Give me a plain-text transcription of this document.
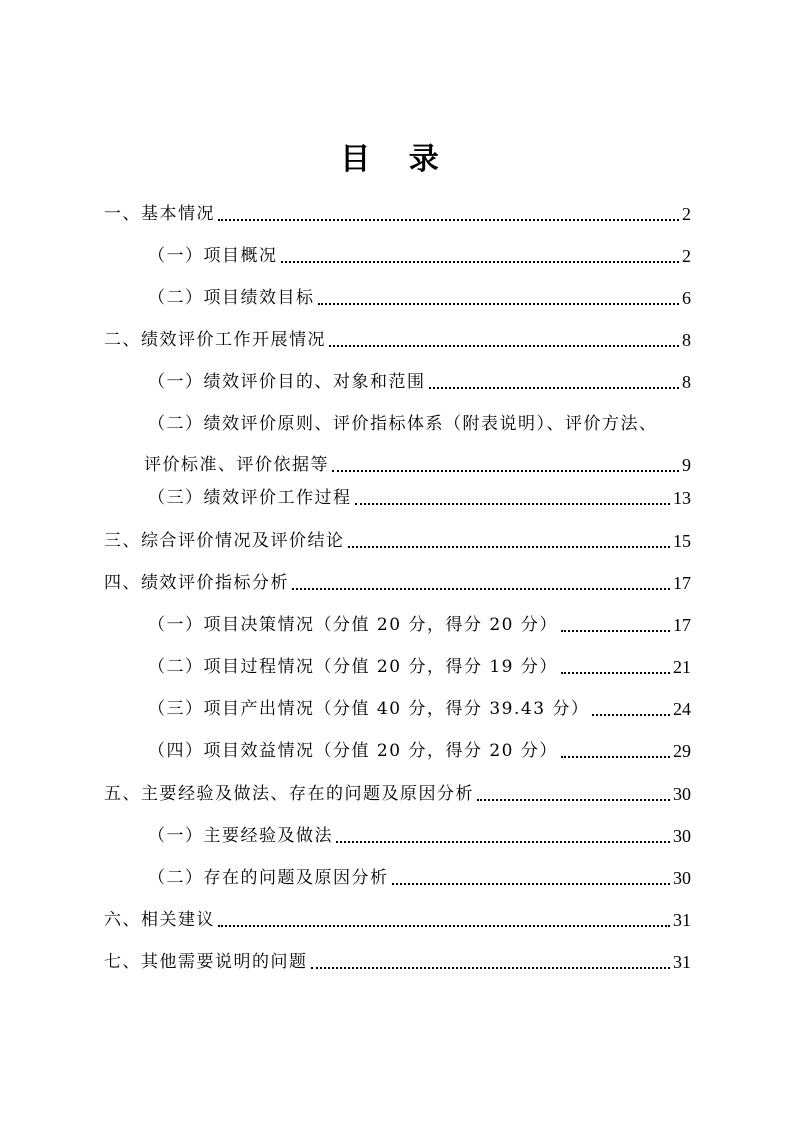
目 录
一、基本情况	2
（一）项目概况	2
（二）项目绩效目标	6
二、绩效评价工作开展情况	8
（一）绩效评价目的、对象和范围	8
（二）绩效评价原则、评价指标体系（附表说明）、评价方法、
评价标准、评价依据等	9
（三）绩效评价工作过程	13
三、综合评价情况及评价结论	15
四、绩效评价指标分析	17
（一）项目决策情况（分值 20 分，得分 20 分）	17
（二）项目过程情况（分值 20 分，得分 19 分）	21
（三）项目产出情况（分值 40 分，得分 39.43 分）	24
（四）项目效益情况（分值 20 分，得分 20 分）	29
五、主要经验及做法、存在的问题及原因分析	30
（一）主要经验及做法	30
（二）存在的问题及原因分析	30
六、相关建议	31
七、其他需要说明的问题	31
